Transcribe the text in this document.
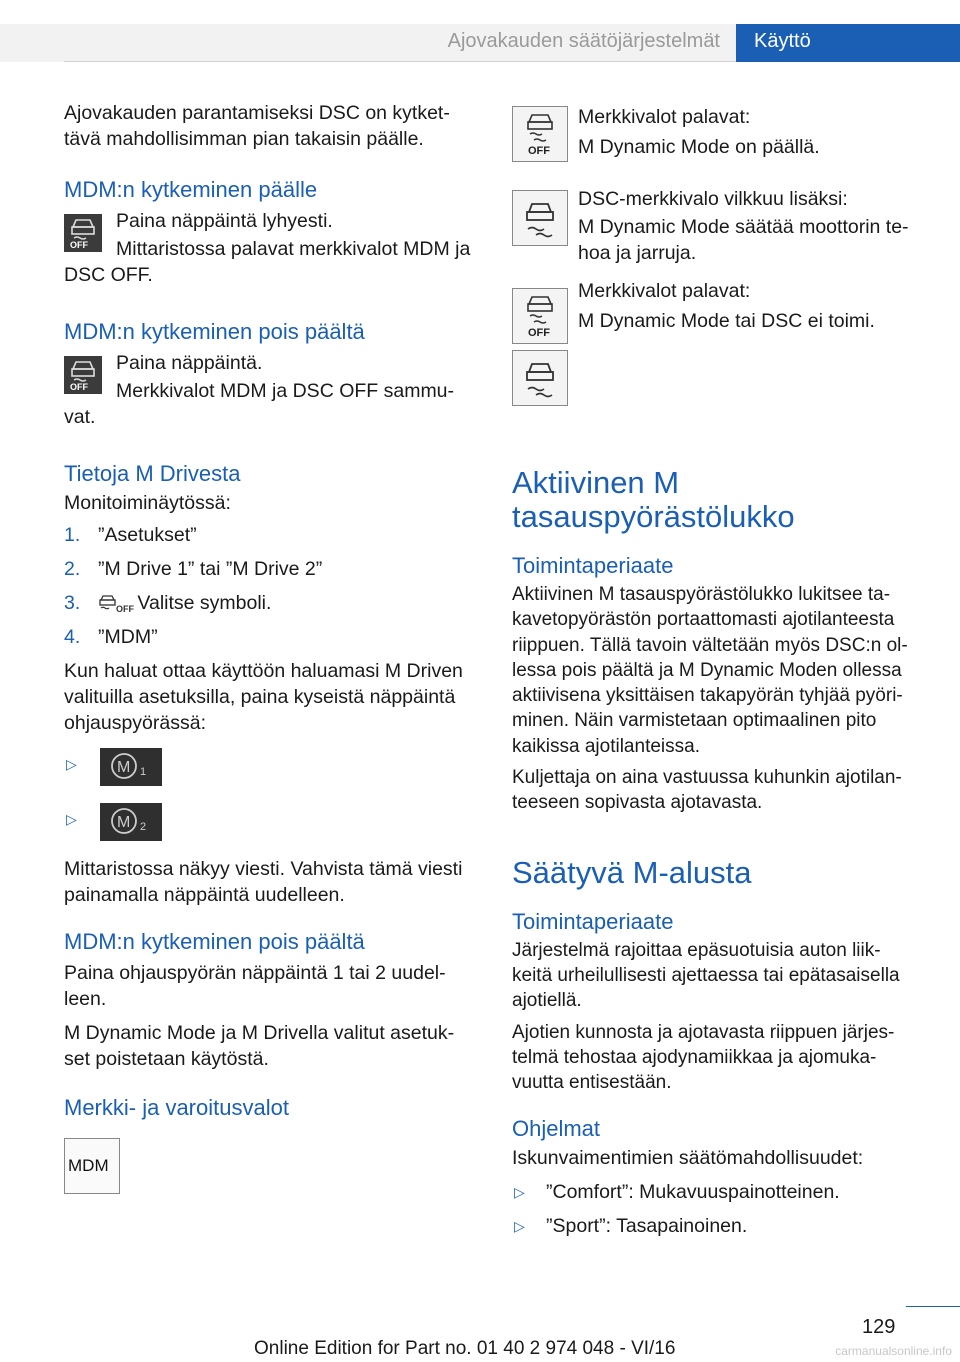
Ajovakauden säätöjärjestelmät Käyttö

Ajovakauden parantamiseksi DSC on kytket-
tävä mahdollisimman pian takaisin päälle.

MDM:n kytkeminen päälle

OFF

Paina näppäintä lyhyesti.

Mittaristossa palavat merkkivalot MDM ja

DSC OFF.

MDM:n kytkeminen pois päältä

OFF

Paina näppäintä.

Merkkivalot MDM ja DSC OFF sammu-

vat.

Tietoja M Drivesta

Monitoiminäytössä:

1. ”Asetukset”
2. ”M Drive 1” tai ”M Drive 2”
3.	OFF Valitse symboli.
4. ”MDM”

Kun haluat ottaa käyttöön haluamasi M Driven valituilla asetuksilla, paina kyseistä näppäintä ohjauspyörässä:

▷	M 1
▷	M 2

Mittaristossa näkyy viesti. Vahvista tämä viesti painamalla näppäintä uudelleen.

MDM:n kytkeminen pois päältä

Paina ohjauspyörän näppäintä 1 tai 2 uudel-
leen.

M Dynamic Mode ja M Drivella valitut asetuk-
set poistetaan käytöstä.

Merkki- ja varoitusvalot

MDM
OFF

Merkkivalot palavat:

M Dynamic Mode on päällä.

DSC-merkkivalo vilkkuu lisäksi:

M Dynamic Mode säätää moottorin te-
hoa ja jarruja.

OFF

Merkkivalot palavat:

M Dynamic Mode tai DSC ei toimi.

Aktiivinen M
tasauspyörästölukko

Toimintaperiaate

Aktiivinen M tasauspyörästölukko lukitsee ta-
kavetopyörästön portaattomasti ajotilanteesta
riippuen. Tällä tavoin vältetään myös DSC:n ol-
lessa pois päältä ja M Dynamic Moden ollessa
aktiivisena yksittäisen takapyörän tyhjää pyöri-
minen. Näin varmistetaan optimaalinen pito
kaikissa ajotilanteissa.

Kuljettaja on aina vastuussa kuhunkin ajotilan-
teeseen sopivasta ajotavasta.

Säätyvä M-alusta

Toimintaperiaate

Järjestelmä rajoittaa epäsuotuisia auton liik-
keitä urheilullisesti ajettaessa tai epätasaisella
ajotiellä.

Ajotien kunnosta ja ajotavasta riippuen järjes-
telmä tehostaa ajodynamiikkaa ja ajomuka-
vuutta entisestään.

Ohjelmat

Iskunvaimentimien säätömahdollisuudet:

▷ ”Comfort”: Mukavuuspainotteinen.
▷ ”Sport”: Tasapainoinen.
129
Online Edition for Part no. 01 40 2 974 048 - VI/16	carmanualsonline.info
